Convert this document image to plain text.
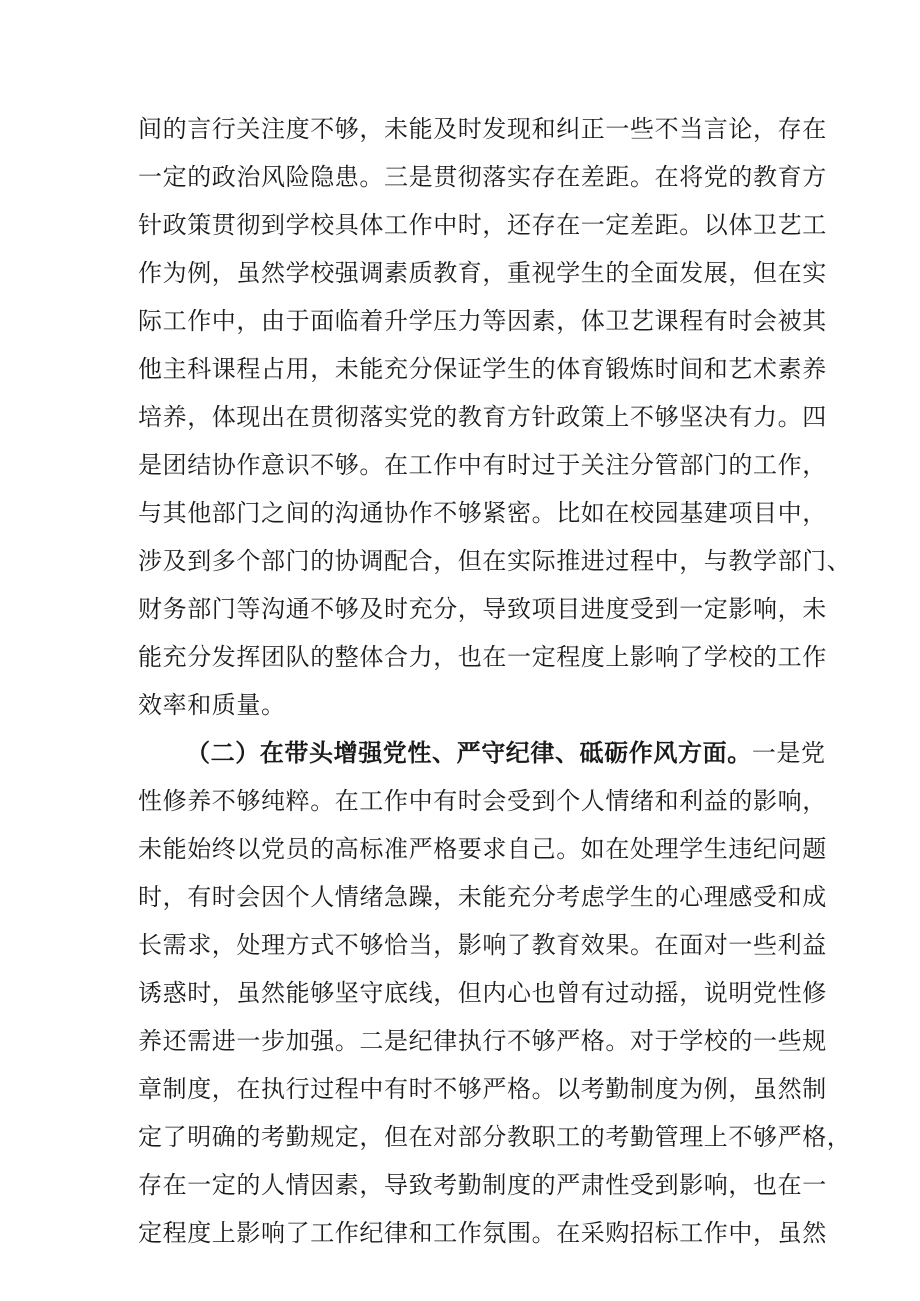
间的言行关注度不够，未能及时发现和纠正一些不当言论，存在
一定的政治风险隐患。三是贯彻落实存在差距。在将党的教育方
针政策贯彻到学校具体工作中时，还存在一定差距。以体卫艺工
作为例，虽然学校强调素质教育，重视学生的全面发展，但在实
际工作中，由于面临着升学压力等因素，体卫艺课程有时会被其
他主科课程占用，未能充分保证学生的体育锻炼时间和艺术素养
培养，体现出在贯彻落实党的教育方针政策上不够坚决有力。四
是团结协作意识不够。在工作中有时过于关注分管部门的工作，
与其他部门之间的沟通协作不够紧密。比如在校园基建项目中，
涉及到多个部门的协调配合，但在实际推进过程中，与教学部门、
财务部门等沟通不够及时充分，导致项目进度受到一定影响，未
能充分发挥团队的整体合力，也在一定程度上影响了学校的工作
效率和质量。
（二）在带头增强党性、严守纪律、砥砺作风方面。一是党
性修养不够纯粹。在工作中有时会受到个人情绪和利益的影响，
未能始终以党员的高标准严格要求自己。如在处理学生违纪问题
时，有时会因个人情绪急躁，未能充分考虑学生的心理感受和成
长需求，处理方式不够恰当，影响了教育效果。在面对一些利益
诱惑时，虽然能够坚守底线，但内心也曾有过动摇，说明党性修
养还需进一步加强。二是纪律执行不够严格。对于学校的一些规
章制度，在执行过程中有时不够严格。以考勤制度为例，虽然制
定了明确的考勤规定，但在对部分教职工的考勤管理上不够严格，
存在一定的人情因素，导致考勤制度的严肃性受到影响，也在一
定程度上影响了工作纪律和工作氛围。在采购招标工作中，虽然
